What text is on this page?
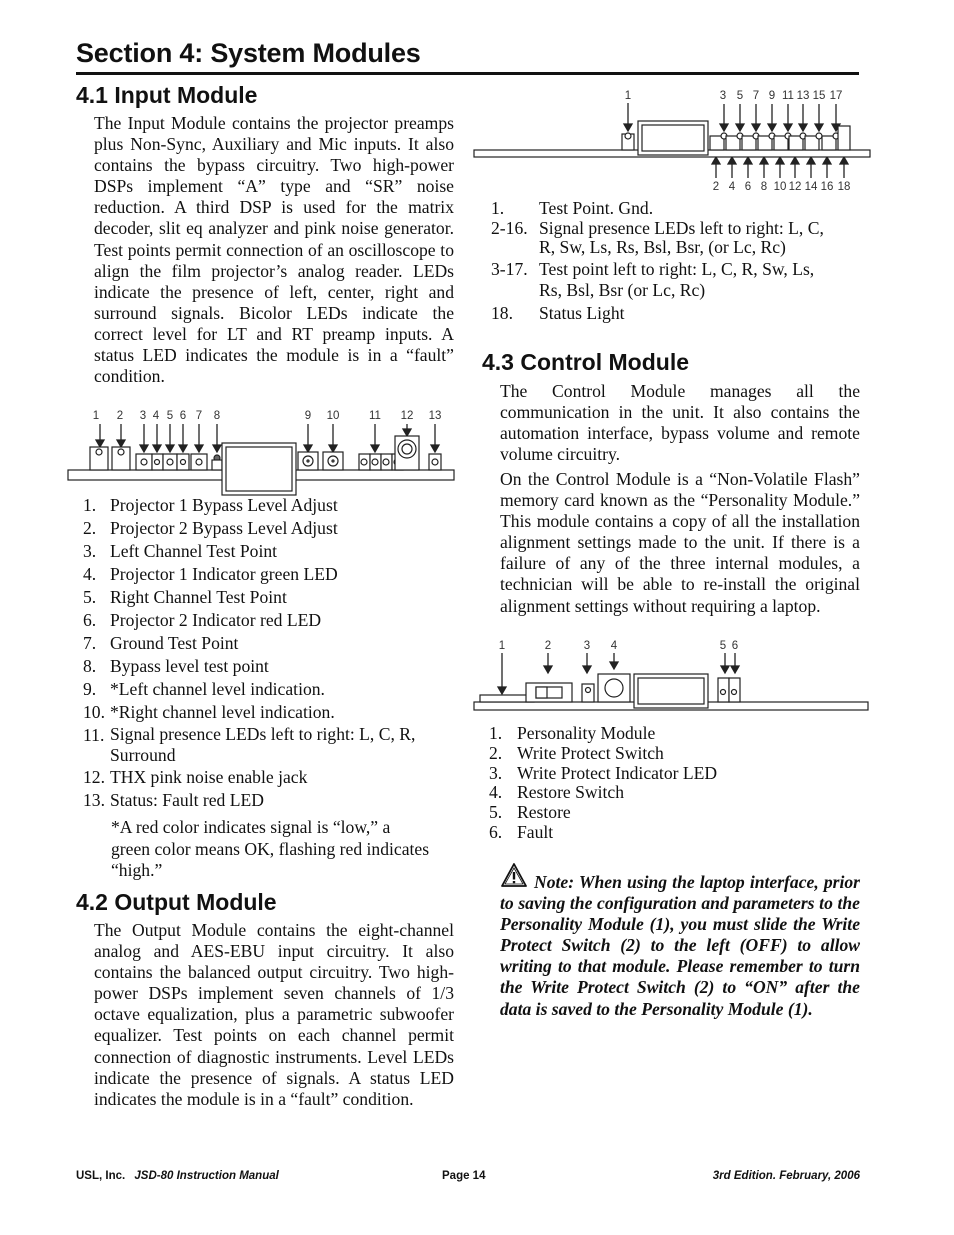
Section 4: System Modules
4.1 Input Module

The Input Module contains the projector preamps plus Non-Sync, Auxiliary and Mic inputs. It also contains the bypass circuitry. Two high-power DSPs implement “A” type and “SR” noise reduction. A third DSP is used for the matrix decoder, slit eq analyzer and pink noise generator. Test points permit connection of an oscilloscope to align the film projector’s analog reader. LEDs indicate the presence of left, center, right and surround signals. Bicolor LEDs indicate the correct level for LT and RT preamp inputs. A status LED indicates the module is in a “fault” condition.

1 2 3 4 5 6 7 8	9 10	11 12 13
1. Projector 1 Bypass Level Adjust
2. Projector 2 Bypass Level Adjust
3. Left Channel Test Point
4. Projector 1 Indicator green LED
5. Right Channel Test Point
6. Projector 2 Indicator red LED
7. Ground Test Point
8. Bypass level test point
9. *Left channel level indication.
10. *Right channel level indication.
11. Signal presence LEDs left to right: L, C, R, Surround
12. THX pink noise enable jack
13. Status: Fault red LED

*A red color indicates signal is “low,” a green color means OK, flashing red indicates “high.”

4.2 Output Module

The Output Module contains the eight-channel analog and AES-EBU input circuitry. It also contains the balanced output circuitry. Two high-power DSPs implement seven channels of 1/3 octave equalization, plus a parametric subwoofer equalizer. Test points on each channel permit connection of diagnostic instruments. Level LEDs indicate the presence of signals. A status LED indicates the module is in a “fault” condition.

1	3 5 7 9 11 13 15 17
2 4 6 8 10 12 14 16 18
1.	Test Point. Gnd.
2-16. Signal presence LEDs left to right: L, C, R, Sw, Ls, Rs, Bsl, Bsr, (or Lc, Rc)
3-17. Test point left to right: L, C, R, Sw, Ls, Rs, Bsl, Bsr (or Lc, Rc)
18.	Status Light
4.3 Control Module

The Control Module manages all the communication in the unit. It also contains the automation interface, bypass volume and remote volume circuitry.

On the Control Module is a “Non-Volatile Flash” memory card known as the “Personality Module.” This module contains a copy of all the installation alignment settings made to the unit. If there is a failure of any of the three internal modules, a technician will be able to re-install the original alignment settings without requiring a laptop.

1	2	3 4	5 6
1. Personality Module
2. Write Protect Switch
3. Write Protect Indicator LED
4. Restore Switch
5. Restore
6. Fault

Note: When using the laptop interface, prior to saving the configuration and parameters to the Personality Module (1), you must slide the Write Protect Switch (2) to the left (OFF) to allow writing to that module. Please remember to turn the Write Protect Switch (2) to “ON” after the data is saved to the Personality Module (1).

USL, Inc. JSD-80 Instruction Manual	Page 14	3rd Edition. February, 2006
